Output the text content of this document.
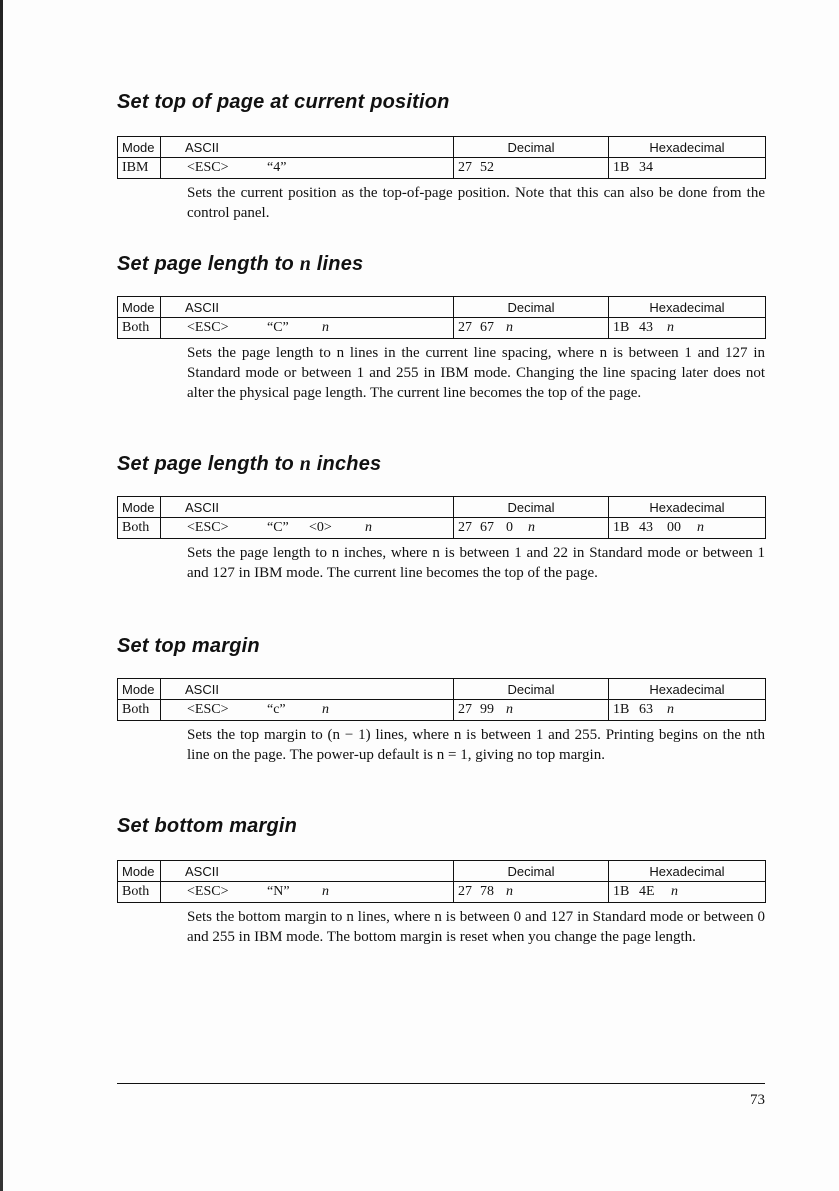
Set top of page at current position
Mode	ASCII	Decimal	Hexadecimal
IBM	<ESC> “4”	27 52	1B 34

Sets the current position as the top-of-page position. Note that this can also be done from the control panel.

Set page length to n lines
Mode	ASCII	Decimal	Hexadecimal
Both	<ESC> “C” n	27 67 n	1B 43 n

Sets the page length to n lines in the current line spacing, where n is between 1 and 127 in Standard mode or between 1 and 255 in IBM mode. Changing the line spacing later does not alter the physical page length. The current line becomes the top of the page.

Set page length to n inches
Mode	ASCII	Decimal	Hexadecimal
Both	<ESC> “C” <0> n	27 67 0 n	1B 43 00 n

Sets the page length to n inches, where n is between 1 and 22 in Standard mode or between 1 and 127 in IBM mode. The current line becomes the top of the page.

Set top margin
Mode	ASCII	Decimal	Hexadecimal
Both	<ESC> “c” n	27 99 n	1B 63 n

Sets the top margin to (n − 1) lines, where n is between 1 and 255. Printing begins on the nth line on the page. The power-up default is n = 1, giving no top margin.

Set bottom margin
Mode	ASCII	Decimal	Hexadecimal
Both	<ESC> “N” n	27 78 n	1B 4E n

Sets the bottom margin to n lines, where n is between 0 and 127 in Standard mode or between 0 and 255 in IBM mode. The bottom margin is reset when you change the page length.

73
